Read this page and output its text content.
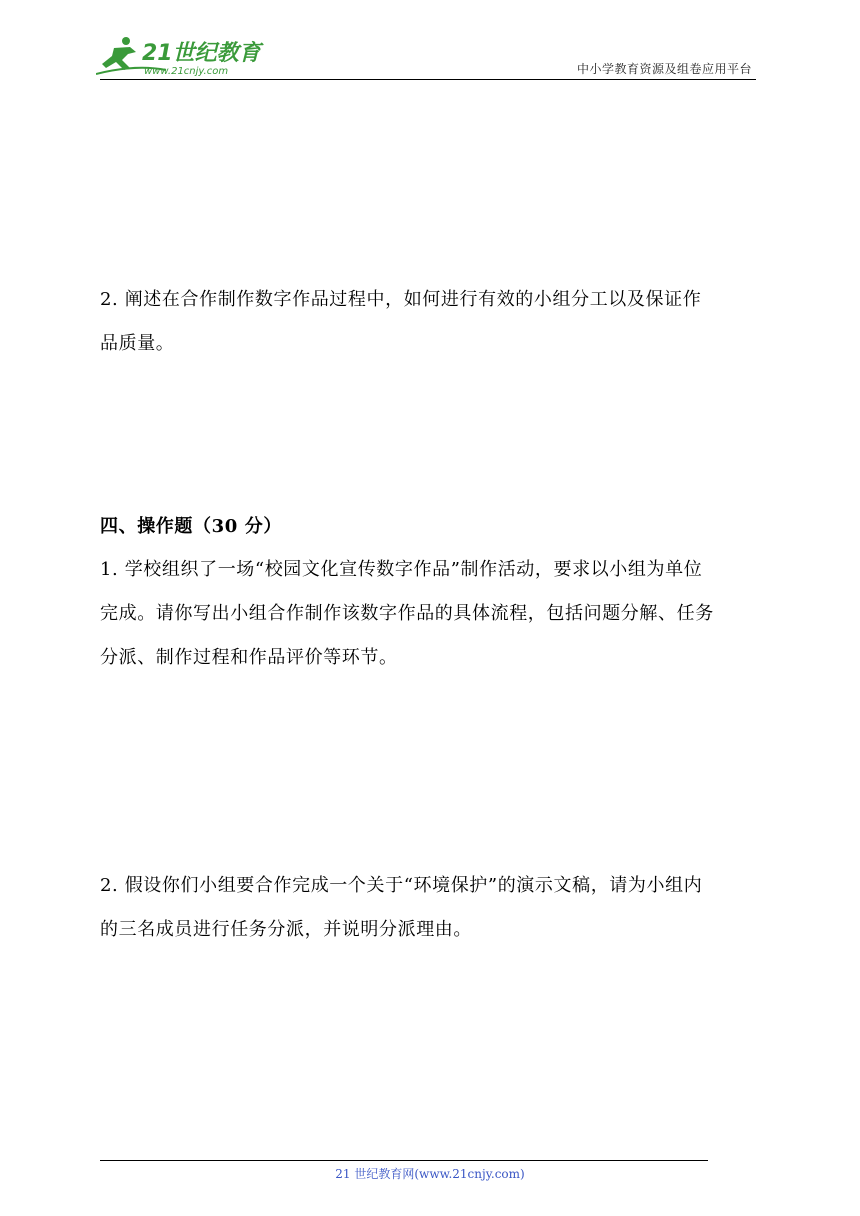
21世纪教育
www.21cnjy.com	中小学教育资源及组卷应用平台

2. 阐述在合作制作数字作品过程中，如何进行有效的小组分工以及保证作
品质量。

四、操作题（30 分）

1. 学校组织了一场“校园文化宣传数字作品”制作活动，要求以小组为单位
完成。请你写出小组合作制作该数字作品的具体流程，包括问题分解、任务
分派、制作过程和作品评价等环节。

2. 假设你们小组要合作完成一个关于“环境保护”的演示文稿，请为小组内
的三名成员进行任务分派，并说明分派理由。

21 世纪教育网(www.21cnjy.com)
